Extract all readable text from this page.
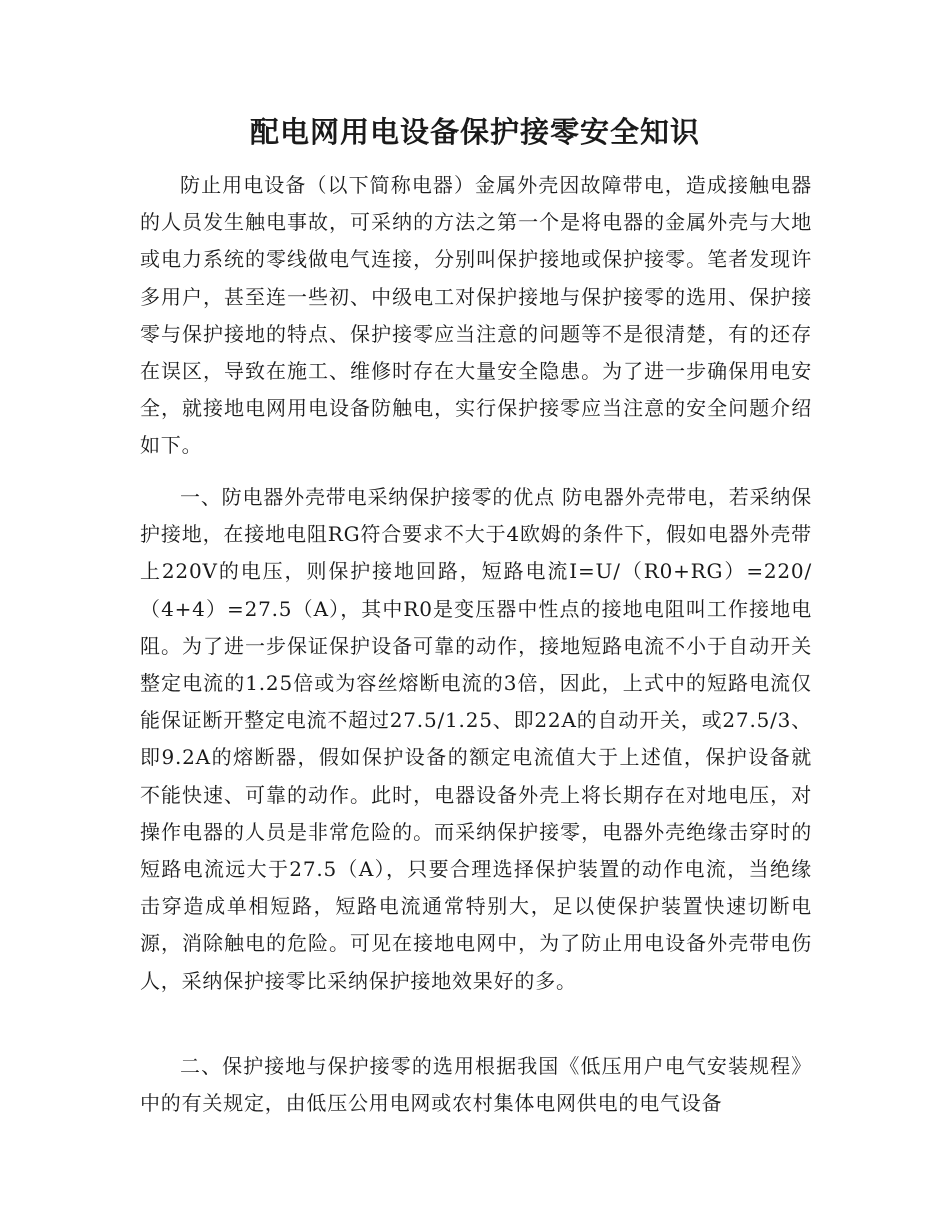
配电网用电设备保护接零安全知识

防止用电设备（以下简称电器）金属外壳因故障带电，造成接触电器的人员发生触电事故，可采纳的方法之第一个是将电器的金属外壳与大地或电力系统的零线做电气连接，分别叫保护接地或保护接零。笔者发现许多用户，甚至连一些初、中级电工对保护接地与保护接零的选用、保护接零与保护接地的特点、保护接零应当注意的问题等不是很清楚，有的还存在误区，导致在施工、维修时存在大量安全隐患。为了进一步确保用电安全，就接地电网用电设备防触电，实行保护接零应当注意的安全问题介绍如下。

一、防电器外壳带电采纳保护接零的优点 防电器外壳带电，若采纳保护接地，在接地电阻RG符合要求不大于4欧姆的条件下，假如电器外壳带上220V的电压，则保护接地回路，短路电流I=U/（R0+RG）=220/（4+4）=27.5（A），其中R0是变压器中性点的接地电阻叫工作接地电阻。为了进一步保证保护设备可靠的动作，接地短路电流不小于自动开关整定电流的1.25倍或为容丝熔断电流的3倍，因此，上式中的短路电流仅能保证断开整定电流不超过27.5/1.25、即22A的自动开关，或27.5/3、即9.2A的熔断器，假如保护设备的额定电流值大于上述值，保护设备就不能快速、可靠的动作。此时，电器设备外壳上将长期存在对地电压，对操作电器的人员是非常危险的。而采纳保护接零，电器外壳绝缘击穿时的短路电流远大于27.5（A），只要合理选择保护装置的动作电流，当绝缘击穿造成单相短路，短路电流通常特别大，足以使保护装置快速切断电源，消除触电的危险。可见在接地电网中，为了防止用电设备外壳带电伤人，采纳保护接零比采纳保护接地效果好的多。

二、保护接地与保护接零的选用根据我国《低压用户电气安装规程》中的有关规定，由低压公用电网或农村集体电网供电的电气设备
